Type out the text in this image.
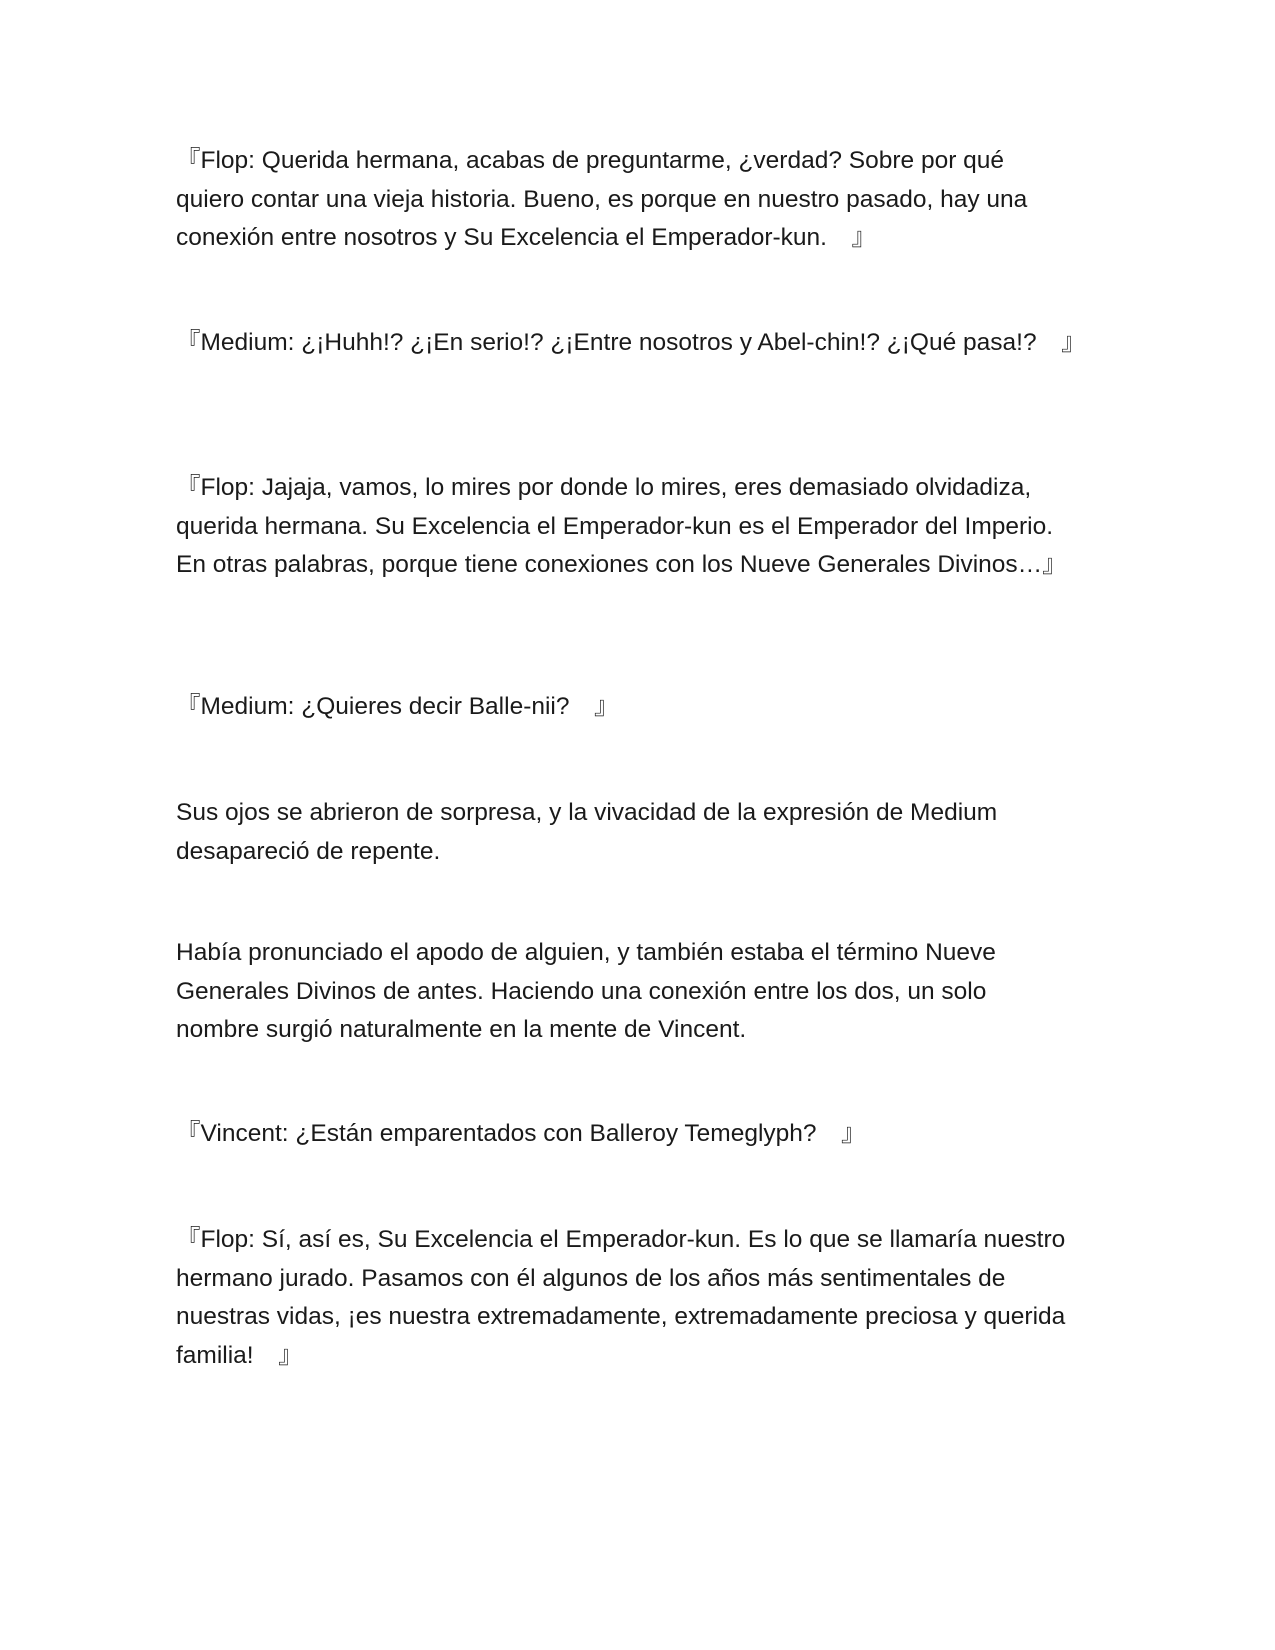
『Flop: Querida hermana, acabas de preguntarme, ¿verdad? Sobre por qué quiero contar una vieja historia. Bueno, es porque en nuestro pasado, hay una conexión entre nosotros y Su Excelencia el Emperador-kun.　』

『Medium: ¿¡Huhh!? ¿¡En serio!? ¿¡Entre nosotros y Abel-chin!? ¿¡Qué pasa!?　』

『Flop: Jajaja, vamos, lo mires por donde lo mires, eres demasiado olvidadiza, querida hermana. Su Excelencia el Emperador-kun es el Emperador del Imperio. En otras palabras, porque tiene conexiones con los Nueve Generales Divinos…』

『Medium: ¿Quieres decir Balle-nii?　』

Sus ojos se abrieron de sorpresa, y la vivacidad de la expresión de Medium desapareció de repente.

Había pronunciado el apodo de alguien, y también estaba el término Nueve Generales Divinos de antes. Haciendo una conexión entre los dos, un solo nombre surgió naturalmente en la mente de Vincent.

『Vincent: ¿Están emparentados con Balleroy Temeglyph?　』

『Flop: Sí, así es, Su Excelencia el Emperador-kun. Es lo que se llamaría nuestro hermano jurado. Pasamos con él algunos de los años más sentimentales de nuestras vidas, ¡es nuestra extremadamente, extremadamente preciosa y querida familia!　』
